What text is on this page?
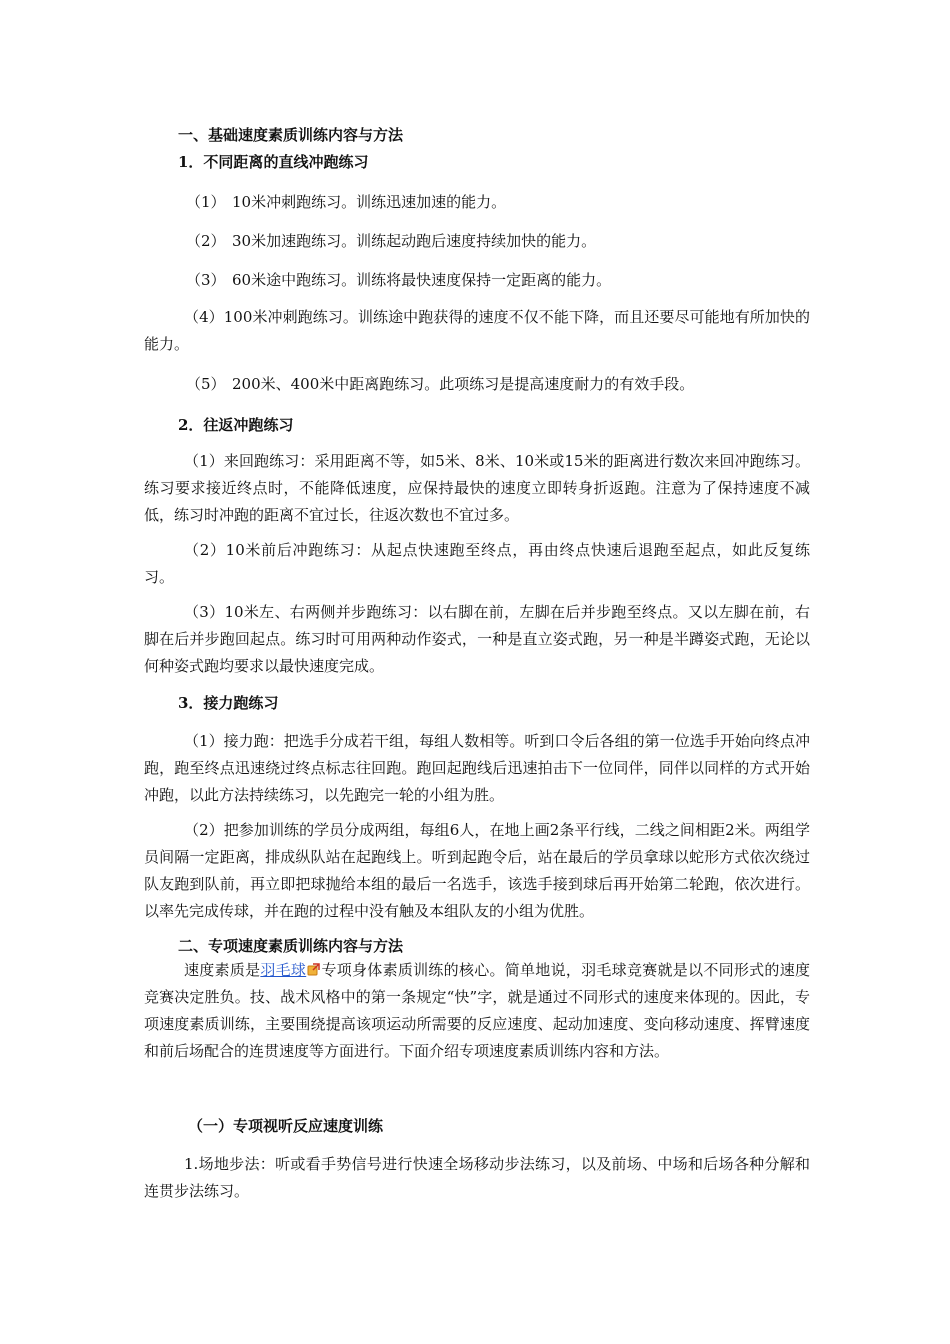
一、基础速度素质训练内容与方法
1．不同距离的直线冲跑练习
（1） 10米冲刺跑练习。训练迅速加速的能力。
（2） 30米加速跑练习。训练起动跑后速度持续加快的能力。
（3） 60米途中跑练习。训练将最快速度保持一定距离的能力。

（4）100米冲刺跑练习。训练途中跑获得的速度不仅不能下降，而且还要尽可能地有所加快的能力。

（5） 200米、400米中距离跑练习。此项练习是提高速度耐力的有效手段。
2．往返冲跑练习

（1）来回跑练习：采用距离不等，如5米、8米、10米或15米的距离进行数次来回冲跑练习。练习要求接近终点时，不能降低速度，应保持最快的速度立即转身折返跑。注意为了保持速度不减低，练习时冲跑的距离不宜过长，往返次数也不宜过多。

（2）10米前后冲跑练习：从起点快速跑至终点，再由终点快速后退跑至起点，如此反复练习。

（3）10米左、右两侧并步跑练习：以右脚在前，左脚在后并步跑至终点。又以左脚在前，右脚在后并步跑回起点。练习时可用两种动作姿式，一种是直立姿式跑，另一种是半蹲姿式跑，无论以何种姿式跑均要求以最快速度完成。

3．接力跑练习

（1）接力跑：把选手分成若干组，每组人数相等。听到口令后各组的第一位选手开始向终点冲跑，跑至终点迅速绕过终点标志往回跑。跑回起跑线后迅速拍击下一位同伴，同伴以同样的方式开始冲跑，以此方法持续练习，以先跑完一轮的小组为胜。

（2）把参加训练的学员分成两组，每组6人，在地上画2条平行线，二线之间相距2米。两组学员间隔一定距离，排成纵队站在起跑线上。听到起跑令后，站在最后的学员拿球以蛇形方式依次绕过队友跑到队前，再立即把球抛给本组的最后一名选手，该选手接到球后再开始第二轮跑，依次进行。以率先完成传球，并在跑的过程中没有触及本组队友的小组为优胜。

二、专项速度素质训练内容与方法

速度素质是羽毛球 专项身体素质训练的核心。简单地说，羽毛球竞赛就是以不同形式的速度竞赛决定胜负。技、战术风格中的第一条规定“快”字，就是通过不同形式的速度来体现的。因此，专项速度素质训练，主要围绕提高该项运动所需要的反应速度、起动加速度、变向移动速度、挥臂速度和前后场配合的连贯速度等方面进行。下面介绍专项速度素质训练内容和方法。

（一）专项视听反应速度训练

1.场地步法：听或看手势信号进行快速全场移动步法练习，以及前场、中场和后场各种分解和连贯步法练习。
